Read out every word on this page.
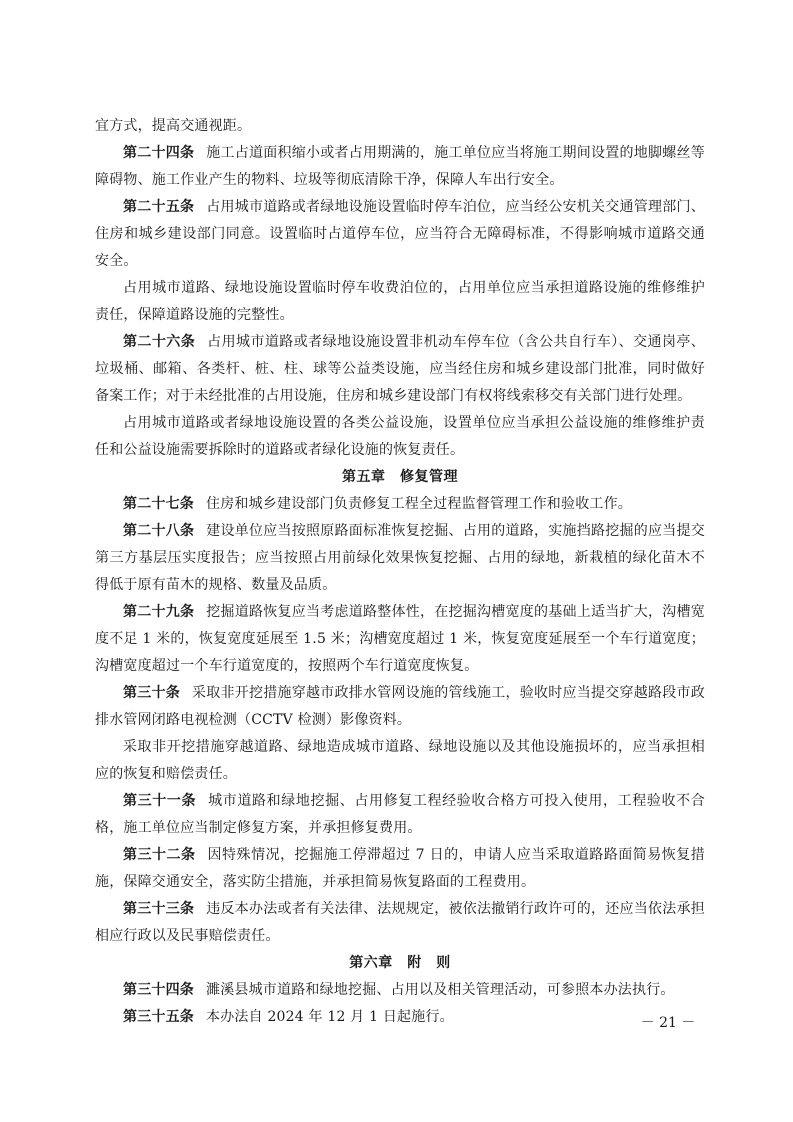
宜方式，提高交通视距。

第二十四条 施工占道面积缩小或者占用期满的，施工单位应当将施工期间设置的地脚螺丝等障碍物、施工作业产生的物料、垃圾等彻底清除干净，保障人车出行安全。

第二十五条 占用城市道路或者绿地设施设置临时停车泊位，应当经公安机关交通管理部门、住房和城乡建设部门同意。设置临时占道停车位，应当符合无障碍标准，不得影响城市道路交通安全。

占用城市道路、绿地设施设置临时停车收费泊位的，占用单位应当承担道路设施的维修维护责任，保障道路设施的完整性。

第二十六条 占用城市道路或者绿地设施设置非机动车停车位（含公共自行车）、交通岗亭、垃圾桶、邮箱、各类杆、桩、柱、球等公益类设施，应当经住房和城乡建设部门批准，同时做好备案工作；对于未经批准的占用设施，住房和城乡建设部门有权将线索移交有关部门进行处理。

占用城市道路或者绿地设施设置的各类公益设施，设置单位应当承担公益设施的维修维护责任和公益设施需要拆除时的道路或者绿化设施的恢复责任。

第五章　修复管理

第二十七条 住房和城乡建设部门负责修复工程全过程监督管理工作和验收工作。

第二十八条 建设单位应当按照原路面标准恢复挖掘、占用的道路，实施挡路挖掘的应当提交第三方基层压实度报告；应当按照占用前绿化效果恢复挖掘、占用的绿地，新栽植的绿化苗木不得低于原有苗木的规格、数量及品质。

第二十九条 挖掘道路恢复应当考虑道路整体性，在挖掘沟槽宽度的基础上适当扩大，沟槽宽度不足 1 米的，恢复宽度延展至 1.5 米；沟槽宽度超过 1 米，恢复宽度延展至一个车行道宽度；沟槽宽度超过一个车行道宽度的，按照两个车行道宽度恢复。

第三十条 采取非开挖措施穿越市政排水管网设施的管线施工，验收时应当提交穿越路段市政排水管网闭路电视检测（CCTV 检测）影像资料。

采取非开挖措施穿越道路、绿地造成城市道路、绿地设施以及其他设施损坏的，应当承担相应的恢复和赔偿责任。

第三十一条 城市道路和绿地挖掘、占用修复工程经验收合格方可投入使用，工程验收不合格，施工单位应当制定修复方案，并承担修复费用。

第三十二条 因特殊情况，挖掘施工停滞超过 7 日的，申请人应当采取道路路面简易恢复措施，保障交通安全，落实防尘措施，并承担简易恢复路面的工程费用。

第三十三条 违反本办法或者有关法律、法规规定，被依法撤销行政许可的，还应当依法承担相应行政以及民事赔偿责任。

第六章　附　则

第三十四条 濉溪县城市道路和绿地挖掘、占用以及相关管理活动，可参照本办法执行。

第三十五条 本办法自 2024 年 12 月 1 日起施行。	－ 21 －
